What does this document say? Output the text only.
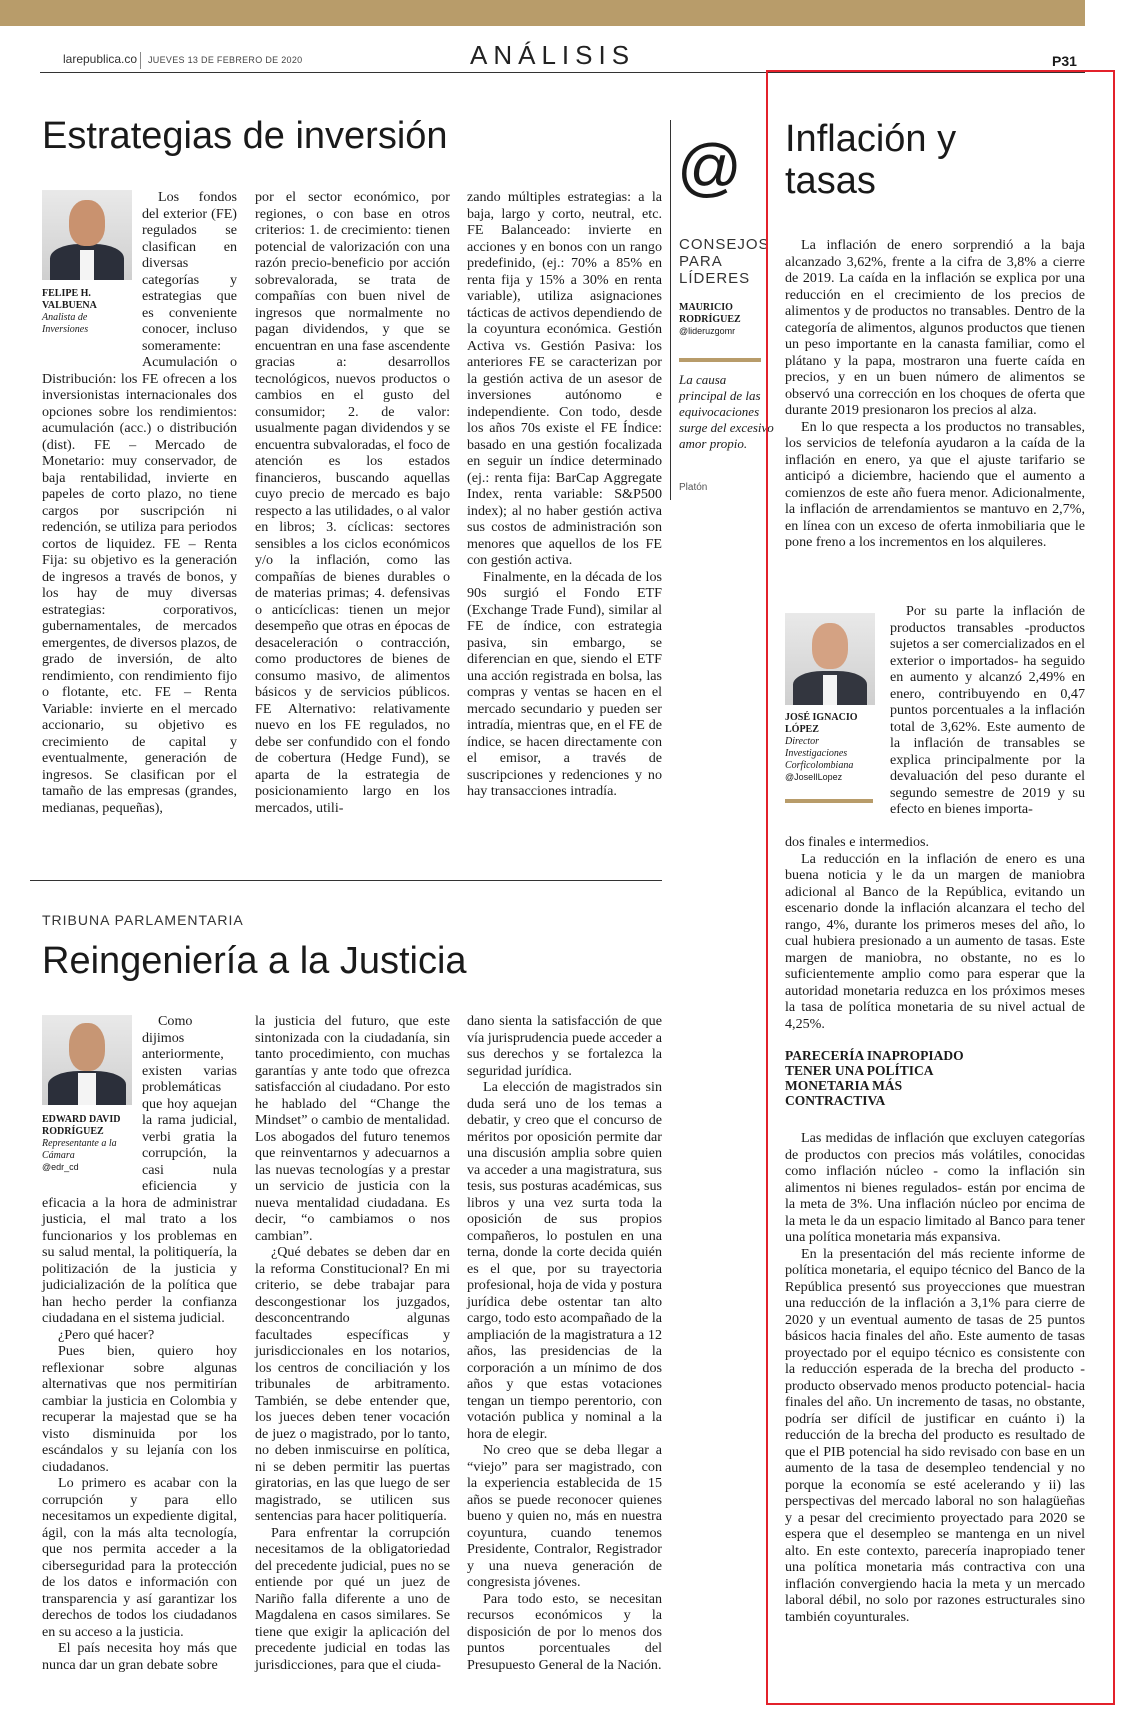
larepublica.co JUEVES 13 DE FEBRERO DE 2020	ANÁLISIS	P31
Estrategias de inversión
FELIPE H. VALBUENA
Analista de Inversiones

Los fondos del exterior (FE) regulados se clasifican en diversas categorías y estrategias que es conveniente conocer, incluso someramente: Acumulación o Distribución: los FE ofrecen a los inversionistas internacionales dos opciones sobre los rendimientos: acumulación (acc.) o distribución (dist). FE – Mercado de Monetario: muy conservador, de baja rentabilidad, invierte en papeles de corto plazo, no tiene cargos por suscripción ni redención, se utiliza para periodos cortos de liquidez. FE – Renta Fija: su objetivo es la generación de ingresos a través de bonos, y los hay de muy diversas estrategias: corporativos, gubernamentales, de mercados emergentes, de diversos plazos, de grado de inversión, de alto rendimiento, con rendimiento fijo o flotante, etc. FE – Renta Variable: invierte en el mercado accionario, su objetivo es crecimiento de capital y eventualmente, generación de ingresos. Se clasifican por el tamaño de las empresas (grandes, medianas, pequeñas),

por el sector económico, por regiones, o con base en otros criterios: 1. de crecimiento: tienen potencial de valorización con una razón precio-beneficio por acción sobrevalorada, se trata de compañías con buen nivel de ingresos que normalmente no pagan dividendos, y que se encuentran en una fase ascendente gracias a: desarrollos tecnológicos, nuevos productos o cambios en el gusto del consumidor; 2. de valor: usualmente pagan dividendos y se encuentra subvaloradas, el foco de atención es los estados financieros, buscando aquellas cuyo precio de mercado es bajo respecto a las utilidades, o al valor en libros; 3. cíclicas: sectores sensibles a los ciclos económicos y/o la inflación, como las compañías de bienes durables o de materias primas; 4. defensivas o anticíclicas: tienen un mejor desempeño que otras en épocas de desaceleración o contracción, como productores de bienes de consumo masivo, de alimentos básicos y de servicios públicos. FE Alternativo: relativamente nuevo en los FE regulados, no debe ser confundido con el fondo de cobertura (Hedge Fund), se aparta de la estrategia de posicionamiento largo en los mercados, utili-

zando múltiples estrategias: a la baja, largo y corto, neutral, etc. FE Balanceado: invierte en acciones y en bonos con un rango predefinido, (ej.: 70% a 85% en renta fija y 15% a 30% en renta variable), utiliza asignaciones tácticas de activos dependiendo de la coyuntura económica. Gestión Activa vs. Gestión Pasiva: los anteriores FE se caracterizan por la gestión activa de un asesor de inversiones autónomo e independiente. Con todo, desde los años 70s existe el FE Índice: basado en una gestión focalizada en seguir un índice determinado (ej.: renta fija: BarCap Aggregate Index, renta variable: S&P500 index); al no haber gestión activa sus costos de administración son menores que aquellos de los FE con gestión activa.

Finalmente, en la década de los 90s surgió el Fondo ETF (Exchange Trade Fund), similar al FE de índice, con estrategia pasiva, sin embargo, se diferencian en que, siendo el ETF una acción registrada en bolsa, las compras y ventas se hacen en el mercado secundario y pueden ser intradía, mientras que, en el FE de índice, se hacen directamente con el emisor, a través de suscripciones y redenciones y no hay transacciones intradía.

@
CONSEJOS PARA LÍDERES
MAURICIO RODRÍGUEZ
@lideruzgomr
La causa principal de las equivocaciones surge del excesivo amor propio.
Platón
TRIBUNA PARLAMENTARIA
Reingeniería a la Justicia
EDWARD DAVID RODRÍGUEZ
Representante a la Cámara
@edr_cd

Como dijimos anteriormente, existen varias problemáticas que hoy aquejan la rama judicial, verbi gratia la corrupción, la casi nula eficiencia y eficacia a la hora de administrar justicia, el mal trato a los funcionarios y los problemas en su salud mental, la politiquería, la politización de la justicia y judicialización de la política que han hecho perder la confianza ciudadana en el sistema judicial.

¿Pero qué hacer?

Pues bien, quiero hoy reflexionar sobre algunas alternativas que nos permitirían cambiar la justicia en Colombia y recuperar la majestad que se ha visto disminuida por los escándalos y su lejanía con los ciudadanos.

Lo primero es acabar con la corrupción y para ello necesitamos un expediente digital, ágil, con la más alta tecnología, que nos permita acceder a la ciberseguridad para la protección de los datos e información con transparencia y así garantizar los derechos de todos los ciudadanos en su acceso a la justicia.

El país necesita hoy más que nunca dar un gran debate sobre

la justicia del futuro, que este sintonizada con la ciudadanía, sin tanto procedimiento, con muchas garantías y ante todo que ofrezca satisfacción al ciudadano. Por esto he hablado del “Change the Mindset” o cambio de mentalidad. Los abogados del futuro tenemos que reinventarnos y adecuarnos a las nuevas tecnologías y a prestar un servicio de justicia con la nueva mentalidad ciudadana. Es decir, “o cambiamos o nos cambian”.

¿Qué debates se deben dar en la reforma Constitucional? En mi criterio, se debe trabajar para descongestionar los juzgados, desconcentrando algunas facultades específicas y jurisdiccionales en los notarios, los centros de conciliación y los tribunales de arbitramento. También, se debe entender que, los jueces deben tener vocación de juez o magistrado, por lo tanto, no deben inmiscuirse en política, ni se deben permitir las puertas giratorias, en las que luego de ser magistrado, se utilicen sus sentencias para hacer politiquería.

Para enfrentar la corrupción necesitamos de la obligatoriedad del precedente judicial, pues no se entiende por qué un juez de Nariño falla diferente a uno de Magdalena en casos similares. Se tiene que exigir la aplicación del precedente judicial en todas las jurisdicciones, para que el ciuda-

dano sienta la satisfacción de que vía jurisprudencia puede acceder a sus derechos y se fortalezca la seguridad jurídica.

La elección de magistrados sin duda será uno de los temas a debatir, y creo que el concurso de méritos por oposición permite dar una discusión amplia sobre quien va acceder a una magistratura, sus tesis, sus posturas académicas, sus libros y una vez surta toda la oposición de sus propios compañeros, lo postulen en una terna, donde la corte decida quién es el que, por su trayectoria profesional, hoja de vida y postura jurídica debe ostentar tan alto cargo, todo esto acompañado de la ampliación de la magistratura a 12 años, las presidencias de la corporación a un mínimo de dos años y que estas votaciones tengan un tiempo perentorio, con votación publica y nominal a la hora de elegir.

No creo que se deba llegar a “viejo” para ser magistrado, con la experiencia establecida de 15 años se puede reconocer quienes bueno y quien no, más en nuestra coyuntura, cuando tenemos Presidente, Contralor, Registrador y una nueva generación de congresista jóvenes.

Para todo esto, se necesitan recursos económicos y la disposición de por lo menos dos puntos porcentuales del Presupuesto General de la Nación.

Inflación y tasas

La inflación de enero sorprendió a la baja alcanzado 3,62%, frente a la cifra de 3,8% a cierre de 2019. La caída en la inflación se explica por una reducción en el crecimiento de los precios de alimentos y de productos no transables. Dentro de la categoría de alimentos, algunos productos que tienen un peso importante en la canasta familiar, como el plátano y la papa, mostraron una fuerte caída en precios, y en un buen número de alimentos se observó una corrección en los choques de oferta que durante 2019 presionaron los precios al alza.

En lo que respecta a los productos no transables, los servicios de telefonía ayudaron a la caída de la inflación en enero, ya que el ajuste tarifario se anticipó a diciembre, haciendo que el aumento a comienzos de este año fuera menor. Adicionalmente, la inflación de arrendamientos se mantuvo en 2,7%, en línea con un exceso de oferta inmobiliaria que le pone freno a los incrementos en los alquileres.

JOSÉ IGNACIO LÓPEZ
Director Investigaciones Corficolombiana
@JoseIlLopez

Por su parte la inflación de productos transables -productos sujetos a ser comercializados en el exterior o importados- ha seguido en aumento y alcanzó 2,49% en enero, contribuyendo en 0,47 puntos porcentuales a la inflación total de 3,62%. Este aumento de la inflación de transables se explica principalmente por la devaluación del peso durante el segundo semestre de 2019 y su efecto en bienes importa-

dos finales e intermedios.

La reducción en la inflación de enero es una buena noticia y le da un margen de maniobra adicional al Banco de la República, evitando un escenario donde la inflación alcanzara el techo del rango, 4%, durante los primeros meses del año, lo cual hubiera presionado a un aumento de tasas. Este margen de maniobra, no obstante, no es lo suficientemente amplio como para esperar que la autoridad monetaria reduzca en los próximos meses la tasa de política monetaria de su nivel actual de 4,25%.

PARECERÍA INAPROPIADO TENER UNA POLÍTICA MONETARIA MÁS CONTRACTIVA

Las medidas de inflación que excluyen categorías de productos con precios más volátiles, conocidas como inflación núcleo - como la inflación sin alimentos ni bienes regulados- están por encima de la meta de 3%. Una inflación núcleo por encima de la meta le da un espacio limitado al Banco para tener una política monetaria más expansiva.

En la presentación del más reciente informe de política monetaria, el equipo técnico del Banco de la República presentó sus proyecciones que muestran una reducción de la inflación a 3,1% para cierre de 2020 y un eventual aumento de tasas de 25 puntos básicos hacia finales del año. Este aumento de tasas proyectado por el equipo técnico es consistente con la reducción esperada de la brecha del producto -producto observado menos producto potencial- hacia finales del año. Un incremento de tasas, no obstante, podría ser difícil de justificar en cuánto i) la reducción de la brecha del producto es resultado de que el PIB potencial ha sido revisado con base en un aumento de la tasa de desempleo tendencial y no porque la economía se esté acelerando y ii) las perspectivas del mercado laboral no son halagüeñas y a pesar del crecimiento proyectado para 2020 se espera que el desempleo se mantenga en un nivel alto. En este contexto, parecería inapropiado tener una política monetaria más contractiva con una inflación convergiendo hacia la meta y un mercado laboral débil, no solo por razones estructurales sino también coyunturales.
